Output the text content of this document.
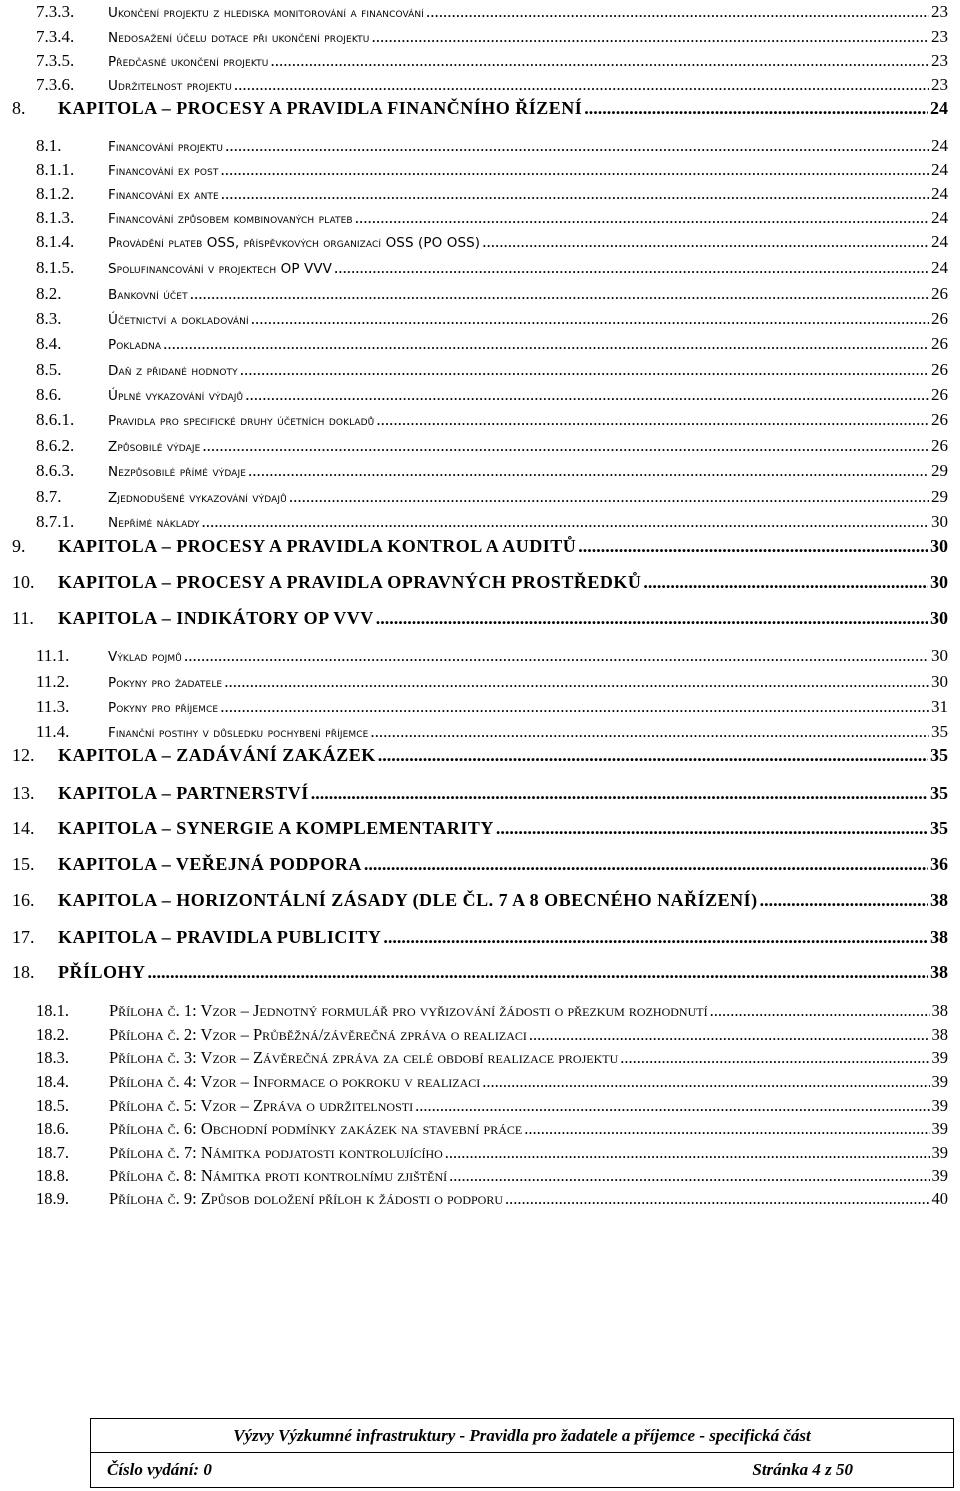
7.3.3.	Ukončení projektu z hlediska monitorování a financování .....	23
7.3.4.	Nedosažení účelu dotace při ukončení projektu .....	23
7.3.5.	Předčasné ukončení projektu .....	23
7.3.6.	Udržitelnost projektu .....	23
8.	KAPITOLA – PROCESY A PRAVIDLA FINANČNÍHO ŘÍZENÍ .....	24
8.1.	Financování projektu .....	24
8.1.1.	Financování ex post .....	24
8.1.2.	Financování ex ante .....	24
8.1.3.	Financování způsobem kombinovaných plateb .....	24
8.1.4.	Provádění plateb OSS, příspěvkových organizací OSS (PO OSS) .....	24
8.1.5.	Spolufinancování v projektech OP VVV .....	24
8.2.	Bankovní účet .....	26
8.3.	Účetnictví a dokladování .....	26
8.4.	Pokladna .....	26
8.5.	Daň z přidané hodnoty .....	26
8.6.	Úplné vykazování výdajů .....	26
8.6.1.	Pravidla pro specifické druhy účetních dokladů .....	26
8.6.2.	Způsobilé výdaje .....	26
8.6.3.	Nezpůsobilé přímé výdaje .....	29
8.7.	Zjednodušené vykazování výdajů .....	29
8.7.1.	Nepřímé náklady .....	30
9.	KAPITOLA – PROCESY A PRAVIDLA KONTROL A AUDITŮ .....	30
10.	KAPITOLA – PROCESY A PRAVIDLA OPRAVNÝCH PROSTŘEDKŮ .....	30
11.	KAPITOLA – INDIKÁTORY OP VVV .....	30
11.1.	Výklad pojmů .....	30
11.2.	Pokyny pro žadatele .....	30
11.3.	Pokyny pro příjemce .....	31
11.4.	Finanční postihy v důsledku pochybení příjemce .....	35
12.	KAPITOLA – ZADÁVÁNÍ ZAKÁZEK .....	35
13.	KAPITOLA – PARTNERSTVÍ .....	35
14.	KAPITOLA – SYNERGIE A KOMPLEMENTARITY .....	35
15.	KAPITOLA – VEŘEJNÁ PODPORA .....	36
16.	KAPITOLA – HORIZONTÁLNÍ ZÁSADY (DLE ČL. 7 A 8 OBECNÉHO NAŘÍZENÍ) .....	38
17.	KAPITOLA – PRAVIDLA PUBLICITY .....	38
18.	PŘÍLOHY .....	38
18.1.	Příloha č. 1: Vzor – Jednotný formulář pro vyřizování žádosti o přezkum rozhodnutí .....	38
18.2.	Příloha č. 2: Vzor – Průběžná/závěrečná zpráva o realizaci .....	38
18.3.	Příloha č. 3: Vzor – Závěrečná zpráva za celé období realizace projektu .....	39
18.4.	Příloha č. 4: Vzor – Informace o pokroku v realizaci .....	39
18.5.	Příloha č. 5: Vzor – Zpráva o udržitelnosti .....	39
18.6.	Příloha č. 6: Obchodní podmínky zakázek na stavební práce .....	39
18.7.	Příloha č. 7: Námitka podjatosti kontrolujícího .....	39
18.8.	Příloha č. 8: Námitka proti kontrolnímu zjištění .....	39
18.9.	Příloha č. 9: Způsob doložení příloh k žádosti o podporu .....	40
Výzvy Výzkumné infrastruktury - Pravidla pro žadatele a příjemce - specifická část
Číslo vydání: 0	Stránka 4 z 50
